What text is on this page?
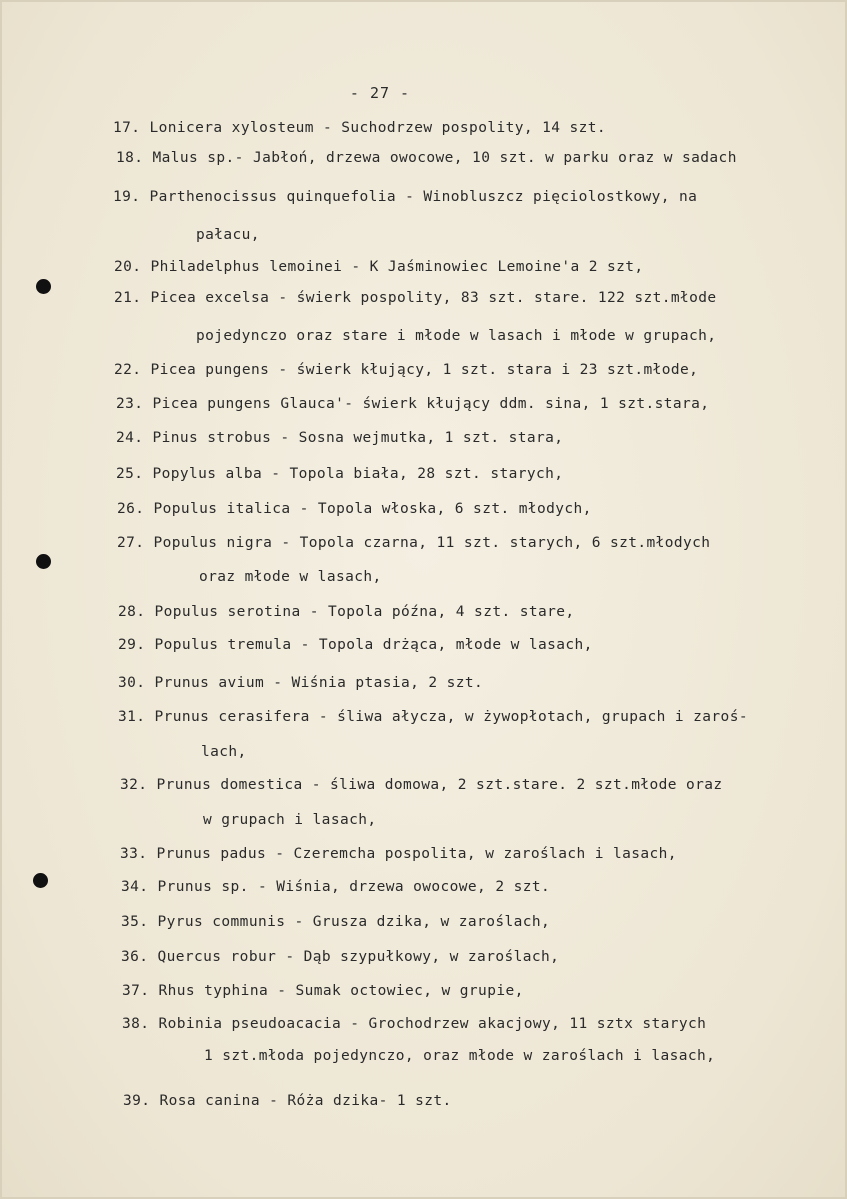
- 27 -
17. Lonicera xylosteum - Suchodrzew pospolity, 14 szt.
18. Malus sp.- Jabłoń, drzewa owocowe, 10 szt. w parku oraz w sadach
19. Parthenocissus quinquefolia - Winobluszcz pięciolostkowy, na
pałacu,
20. Philadelphus lemoinei - K Jaśminowiec Lemoine'a 2 szt,
21. Picea excelsa - świerk pospolity, 83 szt. stare. 122 szt.młode
pojedynczo oraz stare i młode w lasach i młode w grupach,
22. Picea pungens - świerk kłujący, 1 szt. stara i 23 szt.młode,
23. Picea pungens Glauca'- świerk kłujący ddm. sina, 1 szt.stara,
24. Pinus strobus - Sosna wejmutka, 1 szt. stara,
25. Popylus alba - Topola biała, 28 szt. starych,
26. Populus italica - Topola włoska, 6 szt. młodych,
27. Populus nigra - Topola czarna, 11 szt. starych, 6 szt.młodych
oraz młode w lasach,
28. Populus serotina - Topola późna, 4 szt. stare,
29. Populus tremula - Topola drżąca, młode w lasach,
30. Prunus avium - Wiśnia ptasia, 2 szt.
31. Prunus cerasifera - śliwa ałycza, w żywopłotach, grupach i zaroś-
lach,
32. Prunus domestica - śliwa domowa, 2 szt.stare. 2 szt.młode oraz
w grupach i lasach,
33. Prunus padus - Czeremcha pospolita, w zaroślach i lasach,
34. Prunus sp. - Wiśnia, drzewa owocowe, 2 szt.
35. Pyrus communis - Grusza dzika, w zaroślach,
36. Quercus robur - Dąb szypułkowy, w zaroślach,
37. Rhus typhina - Sumak octowiec, w grupie,
38. Robinia pseudoacacia - Grochodrzew akacjowy, 11 sztx starych
1 szt.młoda pojedynczo, oraz młode w zaroślach i lasach,
39. Rosa canina - Róża dzika- 1 szt.
